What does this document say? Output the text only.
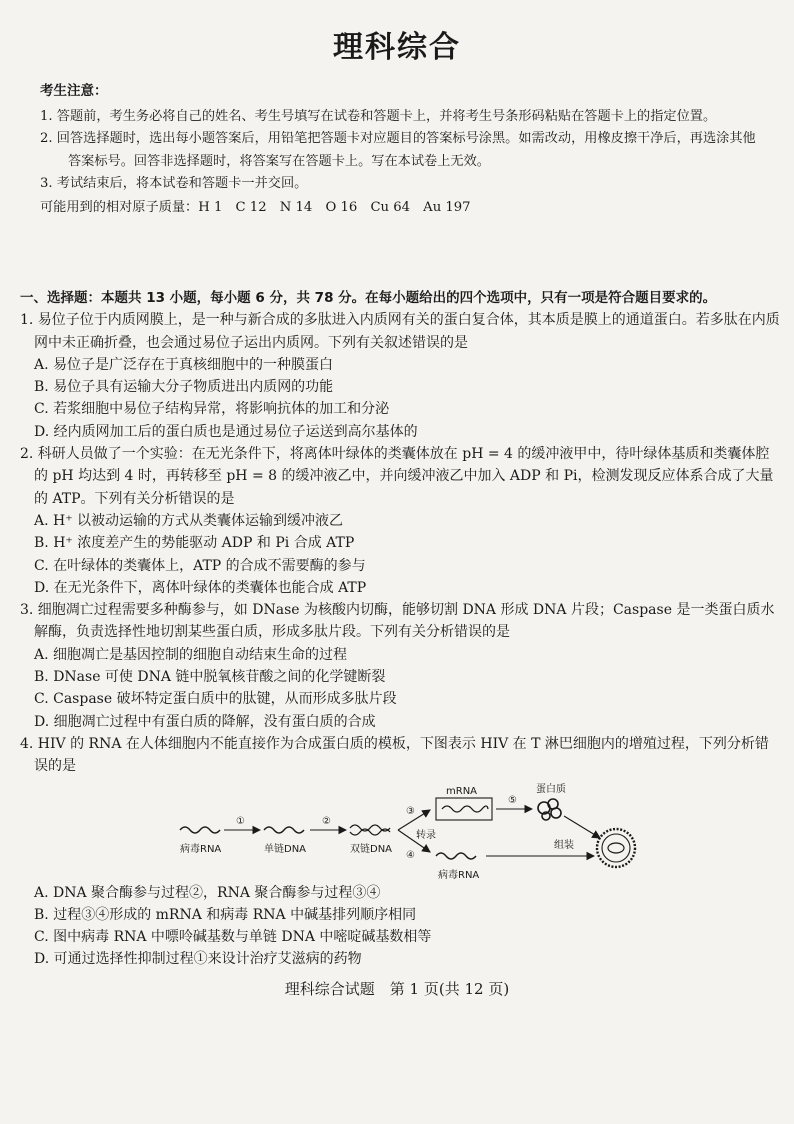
理科综合
考生注意：
1. 答题前，考生务必将自己的姓名、考生号填写在试卷和答题卡上，并将考生号条形码粘贴在答题卡上的指定位置。
2. 回答选择题时，选出每小题答案后，用铅笔把答题卡对应题目的答案标号涂黑。如需改动，用橡皮擦干净后，再选涂其他答案标号。回答非选择题时，将答案写在答题卡上。写在本试卷上无效。
3. 考试结束后，将本试卷和答题卡一并交回。
可能用到的相对原子质量：H 1　C 12　N 14　O 16　Cu 64　Au 197
一、选择题：本题共 13 小题，每小题 6 分，共 78 分。在每小题给出的四个选项中，只有一项是符合题目要求的。
1. 易位子位于内质网膜上，是一种与新合成的多肽进入内质网有关的蛋白复合体，其本质是膜上的通道蛋白。若多肽在内质网中未正确折叠，也会通过易位子运出内质网。下列有关叙述错误的是
A. 易位子是广泛存在于真核细胞中的一种膜蛋白
B. 易位子具有运输大分子物质进出内质网的功能
C. 若浆细胞中易位子结构异常，将影响抗体的加工和分泌
D. 经内质网加工后的蛋白质也是通过易位子运送到高尔基体的
2. 科研人员做了一个实验：在无光条件下，将离体叶绿体的类囊体放在 pH = 4 的缓冲液甲中，待叶绿体基质和类囊体腔的 pH 均达到 4 时，再转移至 pH = 8 的缓冲液乙中，并向缓冲液乙中加入 ADP 和 Pi，检测发现反应体系合成了大量的 ATP。下列有关分析错误的是
A. H⁺ 以被动运输的方式从类囊体运输到缓冲液乙
B. H⁺ 浓度差产生的势能驱动 ADP 和 Pi 合成 ATP
C. 在叶绿体的类囊体上，ATP 的合成不需要酶的参与
D. 在无光条件下，离体叶绿体的类囊体也能合成 ATP
3. 细胞凋亡过程需要多种酶参与，如 DNase 为核酸内切酶，能够切割 DNA 形成 DNA 片段；Caspase 是一类蛋白质水解酶，负责选择性地切割某些蛋白质，形成多肽片段。下列有关分析错误的是
A. 细胞凋亡是基因控制的细胞自动结束生命的过程
B. DNase 可使 DNA 链中脱氧核苷酸之间的化学键断裂
C. Caspase 破坏特定蛋白质中的肽键，从而形成多肽片段
D. 细胞凋亡过程中有蛋白质的降解，没有蛋白质的合成
4. HIV 的 RNA 在人体细胞内不能直接作为合成蛋白质的模板，下图表示 HIV 在 T 淋巴细胞内的增殖过程，下列分析错误的是
病毒RNA
①
单链DNA
②
双链DNA
③
④
转录
mRNA
病毒RNA
⑤
蛋白质
组装
A. DNA 聚合酶参与过程②，RNA 聚合酶参与过程③④
B. 过程③④形成的 mRNA 和病毒 RNA 中碱基排列顺序相同
C. 图中病毒 RNA 中嘌呤碱基数与单链 DNA 中嘧啶碱基数相等
D. 可通过选择性抑制过程①来设计治疗艾滋病的药物
理科综合试题　第 1 页(共 12 页)
